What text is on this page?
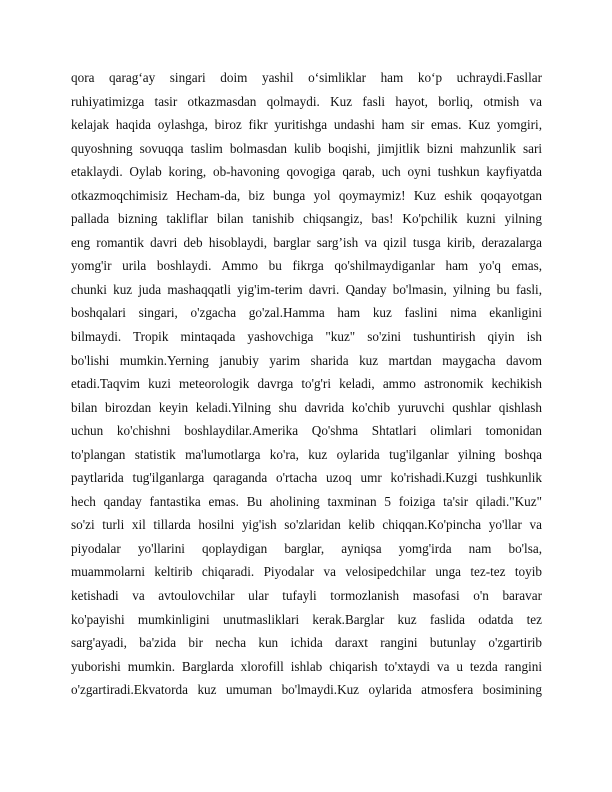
qora qarag‘ay singari doim yashil o‘simliklar ham ko‘p uchraydi.Fasllar
ruhiyatimizga tasir otkazmasdan qolmaydi. Kuz fasli hayot, borliq, otmish va
kelajak haqida oylashga, biroz fikr yuritishga undashi ham sir emas. Kuz yomgiri,
quyoshning sovuqqa taslim bolmasdan kulib boqishi, jimjitlik bizni mahzunlik sari
etaklaydi. Oylab koring, ob-havoning qovogiga qarab, uch oyni tushkun kayfiyatda
otkazmoqchimisiz Hecham-da, biz bunga yol qoymaymiz! Kuz eshik qoqayotgan
pallada bizning takliflar bilan tanishib chiqsangiz, bas! Ko'pchilik kuzni yilning
eng romantik davri deb hisoblaydi, barglar sarg’ish va qizil tusga kirib, derazalarga
yomg'ir urila boshlaydi. Ammo bu fikrga qo'shilmaydiganlar ham yo'q emas,
chunki kuz juda mashaqqatli yig'im-terim davri. Qanday bo'lmasin, yilning bu fasli,
boshqalari singari, o'zgacha go'zal.Hamma ham kuz faslini nima ekanligini
bilmaydi. Tropik mintaqada yashovchiga "kuz" so'zini tushuntirish qiyin ish
bo'lishi mumkin.Yerning janubiy yarim sharida kuz martdan maygacha davom
etadi.Taqvim kuzi meteorologik davrga to'g'ri keladi, ammo astronomik kechikish
bilan birozdan keyin keladi.Yilning shu davrida ko'chib yuruvchi qushlar qishlash
uchun ko'chishni boshlaydilar.Amerika Qo'shma Shtatlari olimlari tomonidan
to'plangan statistik ma'lumotlarga ko'ra, kuz oylarida tug'ilganlar yilning boshqa
paytlarida tug'ilganlarga qaraganda o'rtacha uzoq umr ko'rishadi.Kuzgi tushkunlik
hech qanday fantastika emas. Bu aholining taxminan 5 foiziga ta'sir qiladi."Kuz"
so'zi turli xil tillarda hosilni yig'ish so'zlaridan kelib chiqqan.Ko'pincha yo'llar va
piyodalar yo'llarini qoplaydigan barglar, ayniqsa yomg'irda nam bo'lsa,
muammolarni keltirib chiqaradi. Piyodalar va velosipedchilar unga tez-tez toyib
ketishadi va avtoulovchilar ular tufayli tormozlanish masofasi o'n baravar
ko'payishi mumkinligini unutmasliklari kerak.Barglar kuz faslida odatda tez
sarg'ayadi, ba'zida bir necha kun ichida daraxt rangini butunlay o'zgartirib
yuborishi mumkin. Barglarda xlorofill ishlab chiqarish to'xtaydi va u tezda rangini
o'zgartiradi.Ekvatorda kuz umuman bo'lmaydi.Kuz oylarida atmosfera bosimining
